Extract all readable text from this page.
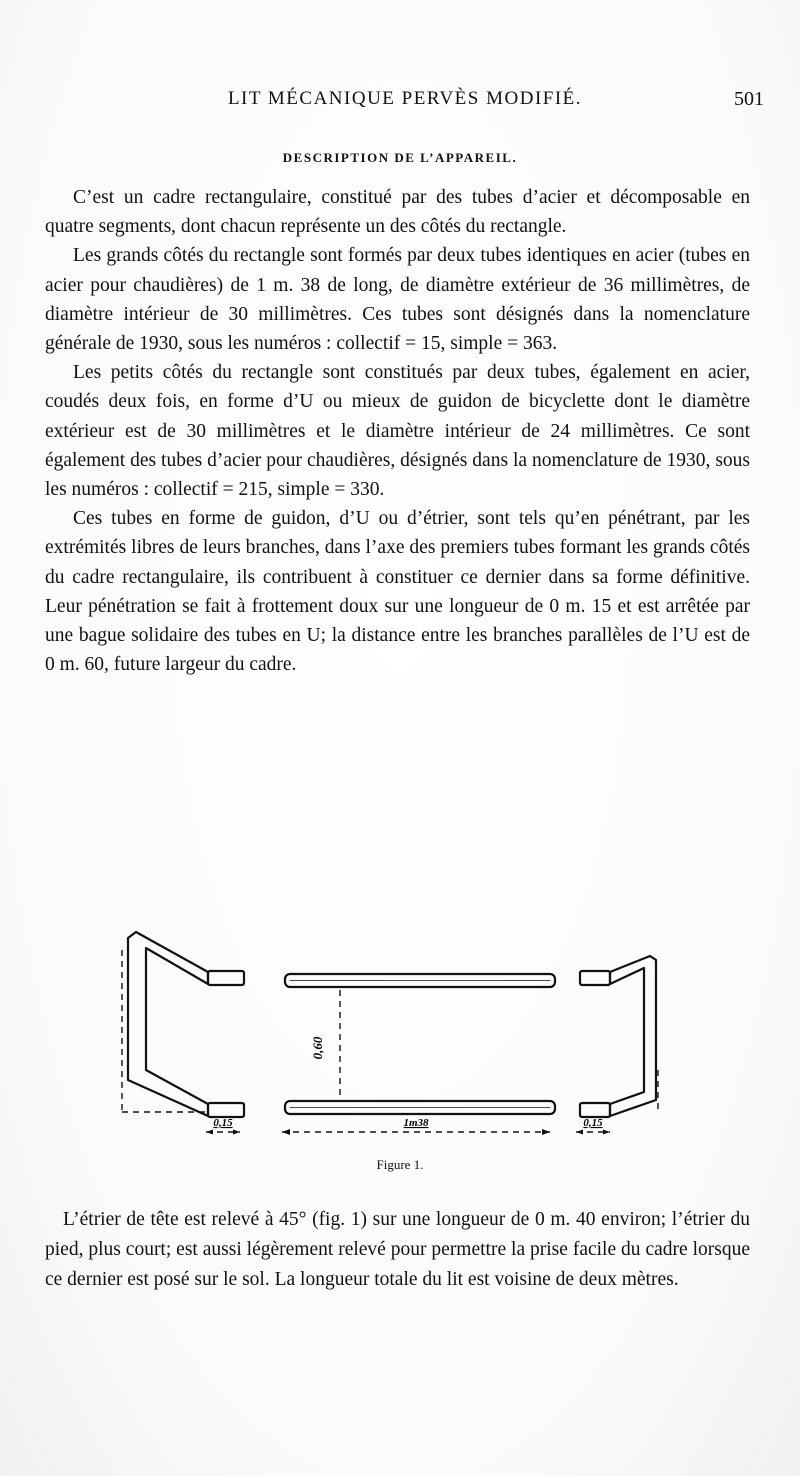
LIT MÉCANIQUE PERVÈS MODIFIÉ.	501
DESCRIPTION DE L’APPAREIL.

C’est un cadre rectangulaire, constitué par des tubes d’acier et décomposable en quatre segments, dont chacun représente un des côtés du rectangle.

Les grands côtés du rectangle sont formés par deux tubes identiques en acier (tubes en acier pour chaudières) de 1 m. 38 de long, de diamètre extérieur de 36 millimètres, de diamètre intérieur de 30 millimètres. Ces tubes sont désignés dans la nomenclature générale de 1930, sous les numéros : collectif = 15, simple = 363.

Les petits côtés du rectangle sont constitués par deux tubes, également en acier, coudés deux fois, en forme d’U ou mieux de guidon de bicyclette dont le diamètre extérieur est de 30 millimètres et le diamètre intérieur de 24 millimètres. Ce sont également des tubes d’acier pour chaudières, désignés dans la nomenclature de 1930, sous les numéros : collectif = 215, simple = 330.

Ces tubes en forme de guidon, d’U ou d’étrier, sont tels qu’en pénétrant, par les extrémités libres de leurs branches, dans l’axe des premiers tubes formant les grands côtés du cadre rectangulaire, ils contribuent à constituer ce dernier dans sa forme définitive. Leur pénétration se fait à frottement doux sur une longueur de 0 m. 15 et est arrêtée par une bague solidaire des tubes en U; la distance entre les branches parallèles de l’U est de 0 m. 60, future largeur du cadre.

0,60
0,15	1m38	0,15
Figure 1.

L’étrier de tête est relevé à 45° (fig. 1) sur une longueur de 0 m. 40 environ; l’étrier du pied, plus court; est aussi légèrement relevé pour permettre la prise facile du cadre lorsque ce dernier est posé sur le sol. La longueur totale du lit est voisine de deux mètres.
